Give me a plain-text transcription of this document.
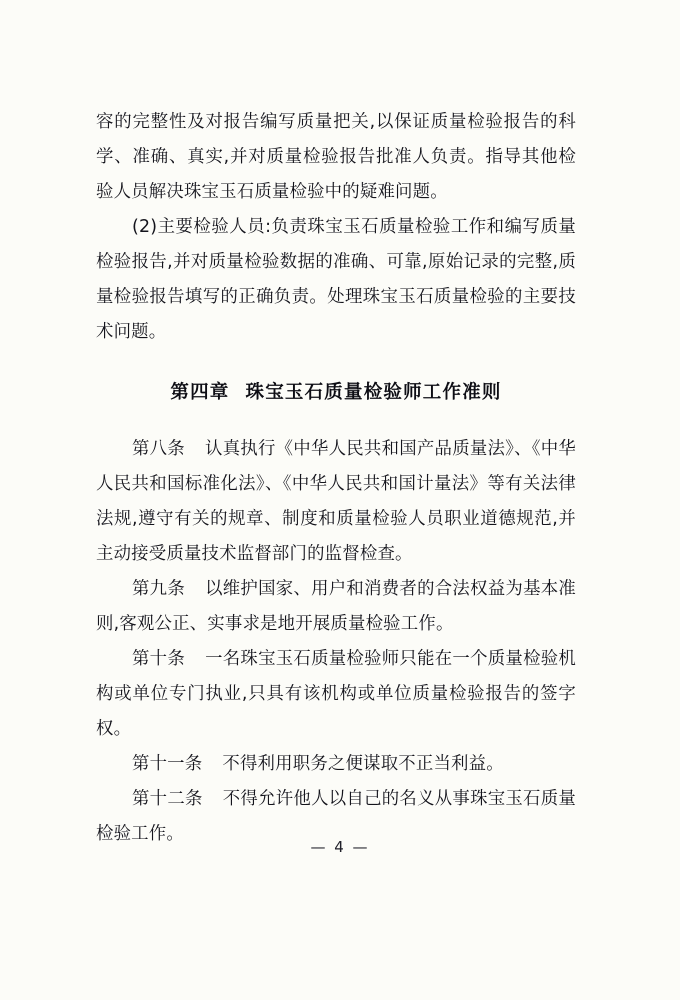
容的完整性及对报告编写质量把关,以保证质量检验报告的科学、准确、真实,并对质量检验报告批准人负责。指导其他检验人员解决珠宝玉石质量检验中的疑难问题。

(2)主要检验人员:负责珠宝玉石质量检验工作和编写质量检验报告,并对质量检验数据的准确、可靠,原始记录的完整,质量检验报告填写的正确负责。处理珠宝玉石质量检验的主要技术问题。

第四章 珠宝玉石质量检验师工作准则

第八条 认真执行《中华人民共和国产品质量法》、《中华人民共和国标准化法》、《中华人民共和国计量法》等有关法律法规,遵守有关的规章、制度和质量检验人员职业道德规范,并主动接受质量技术监督部门的监督检查。

第九条 以维护国家、用户和消费者的合法权益为基本准则,客观公正、实事求是地开展质量检验工作。

第十条 一名珠宝玉石质量检验师只能在一个质量检验机构或单位专门执业,只具有该机构或单位质量检验报告的签字权。

第十一条 不得利用职务之便谋取不正当利益。

第十二条 不得允许他人以自己的名义从事珠宝玉石质量检验工作。

— 4 —
